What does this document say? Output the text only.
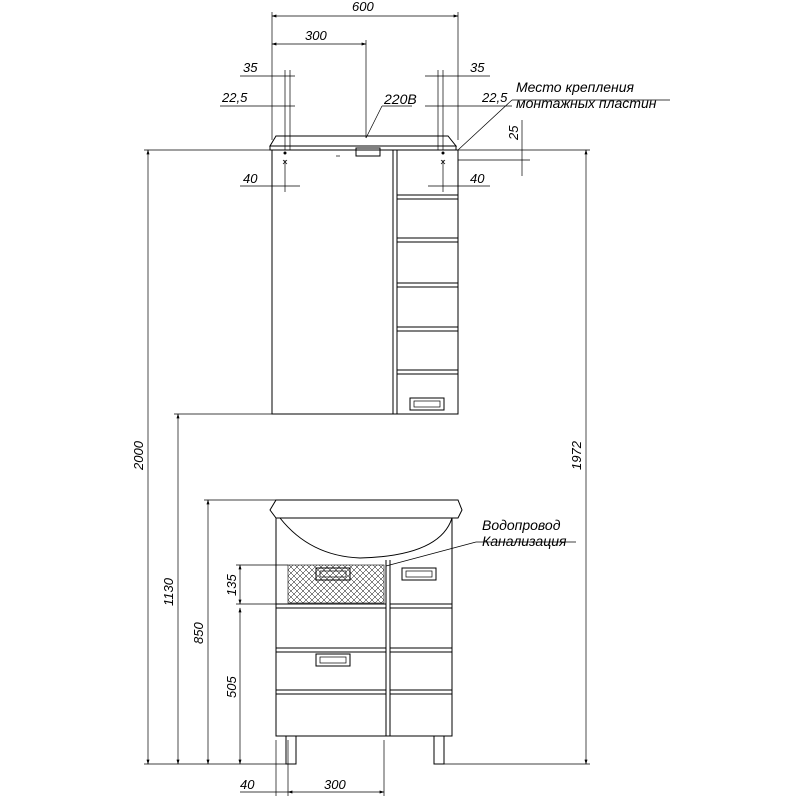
600
300
35	35
22,5	22,5
40	40
25
2000	1972
1130
850
135
505
40	300
220В
Место крепления
монтажных пластин
Водопровод
Канализация
